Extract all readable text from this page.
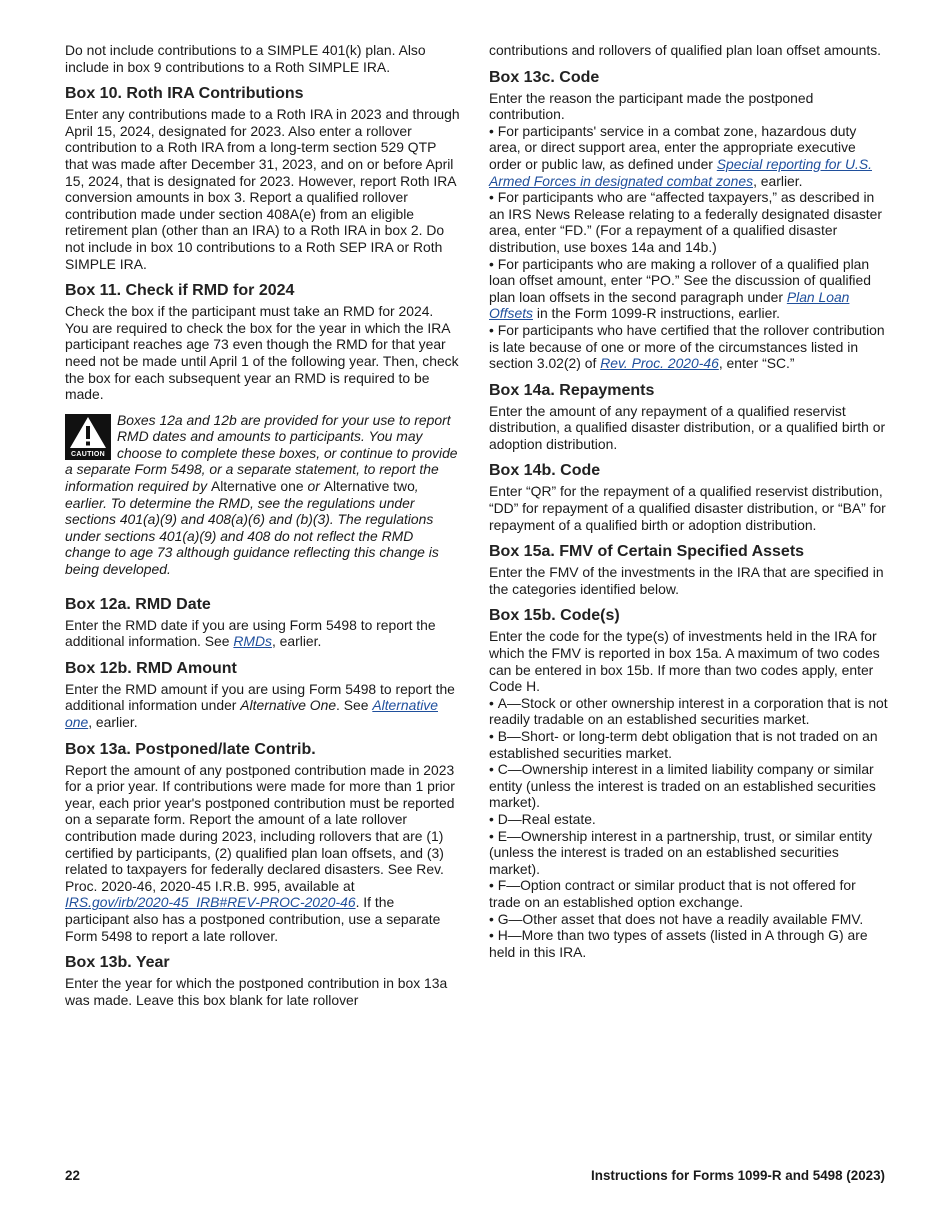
Do not include contributions to a SIMPLE 401(k) plan. Also include in box 9 contributions to a Roth SIMPLE IRA.

Box 10. Roth IRA Contributions

Enter any contributions made to a Roth IRA in 2023 and through April 15, 2024, designated for 2023. Also enter a rollover contribution to a Roth IRA from a long-term section 529 QTP that was made after December 31, 2023, and on or before April 15, 2024, that is designated for 2023. However, report Roth IRA conversion amounts in box 3. Report a qualified rollover contribution made under section 408A(e) from an eligible retirement plan (other than an IRA) to a Roth IRA in box 2. Do not include in box 10 contributions to a Roth SEP IRA or Roth SIMPLE IRA.

Box 11. Check if RMD for 2024

Check the box if the participant must take an RMD for 2024. You are required to check the box for the year in which the IRA participant reaches age 73 even though the RMD for that year need not be made until April 1 of the following year. Then, check the box for each subsequent year an RMD is required to be made.

CAUTION

Boxes 12a and 12b are provided for your use to report RMD dates and amounts to participants. You may choose to complete these boxes, or continue to provide a separate Form 5498, or a separate statement, to report the information required by Alternative one or Alternative two, earlier. To determine the RMD, see the regulations under sections 401(a)(9) and 408(a)(6) and (b)(3). The regulations under sections 401(a)(9) and 408 do not reflect the RMD change to age 73 although guidance reflecting this change is being developed.

Box 12a. RMD Date

Enter the RMD date if you are using Form 5498 to report the additional information. See RMDs, earlier.

Box 12b. RMD Amount

Enter the RMD amount if you are using Form 5498 to report the additional information under Alternative One. See Alternative one, earlier.

Box 13a. Postponed/late Contrib.

Report the amount of any postponed contribution made in 2023 for a prior year. If contributions were made for more than 1 prior year, each prior year's postponed contribution must be reported on a separate form. Report the amount of a late rollover contribution made during 2023, including rollovers that are (1) certified by participants, (2) qualified plan loan offsets, and (3) related to taxpayers for federally declared disasters. See Rev. Proc. 2020-46, 2020-45 I.R.B. 995, available at IRS.gov/irb/2020-45_IRB#REV-PROC-2020-46. If the participant also has a postponed contribution, use a separate Form 5498 to report a late rollover.

Box 13b. Year

Enter the year for which the postponed contribution in box 13a was made. Leave this box blank for late rollover

contributions and rollovers of qualified plan loan offset amounts.

Box 13c. Code

Enter the reason the participant made the postponed contribution.

• For participants' service in a combat zone, hazardous duty area, or direct support area, enter the appropriate executive order or public law, as defined under Special reporting for U.S. Armed Forces in designated combat zones, earlier.

• For participants who are “affected taxpayers,” as described in an IRS News Release relating to a federally designated disaster area, enter “FD.” (For a repayment of a qualified disaster distribution, use boxes 14a and 14b.)

• For participants who are making a rollover of a qualified plan loan offset amount, enter “PO.” See the discussion of qualified plan loan offsets in the second paragraph under Plan Loan Offsets in the Form 1099-R instructions, earlier.

• For participants who have certified that the rollover contribution is late because of one or more of the circumstances listed in section 3.02(2) of Rev. Proc. 2020-46, enter “SC.”

Box 14a. Repayments

Enter the amount of any repayment of a qualified reservist distribution, a qualified disaster distribution, or a qualified birth or adoption distribution.

Box 14b. Code

Enter “QR” for the repayment of a qualified reservist distribution, “DD” for repayment of a qualified disaster distribution, or “BA” for repayment of a qualified birth or adoption distribution.

Box 15a. FMV of Certain Specified Assets

Enter the FMV of the investments in the IRA that are specified in the categories identified below.

Box 15b. Code(s)

Enter the code for the type(s) of investments held in the IRA for which the FMV is reported in box 15a. A maximum of two codes can be entered in box 15b. If more than two codes apply, enter Code H.

• A—Stock or other ownership interest in a corporation that is not readily tradable on an established securities market.

• B—Short- or long-term debt obligation that is not traded on an established securities market.

• C—Ownership interest in a limited liability company or similar entity (unless the interest is traded on an established securities market).

• D—Real estate.

• E—Ownership interest in a partnership, trust, or similar entity (unless the interest is traded on an established securities market).

• F—Option contract or similar product that is not offered for trade on an established option exchange.

• G—Other asset that does not have a readily available FMV.

• H—More than two types of assets (listed in A through G) are held in this IRA.

22	Instructions for Forms 1099-R and 5498 (2023)
